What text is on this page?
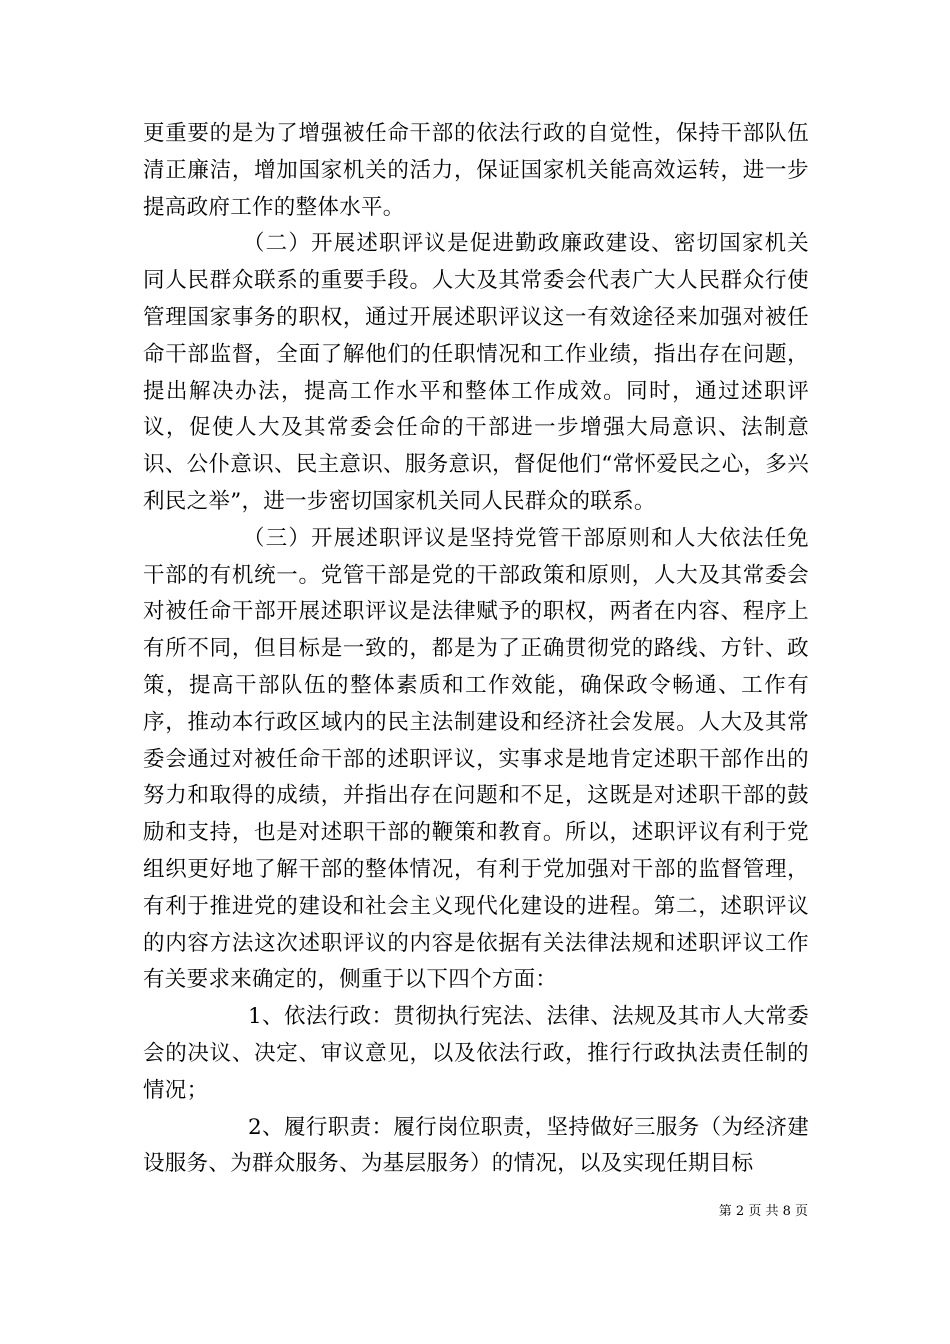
更重要的是为了增强被任命干部的依法行政的自觉性，保持干部队伍清正廉洁，增加国家机关的活力，保证国家机关能高效运转，进一步提高政府工作的整体水平。

（二）开展述职评议是促进勤政廉政建设、密切国家机关同人民群众联系的重要手段。人大及其常委会代表广大人民群众行使管理国家事务的职权，通过开展述职评议这一有效途径来加强对被任命干部监督，全面了解他们的任职情况和工作业绩，指出存在问题，提出解决办法，提高工作水平和整体工作成效。同时，通过述职评议，促使人大及其常委会任命的干部进一步增强大局意识、法制意识、公仆意识、民主意识、服务意识，督促他们“常怀爱民之心，多兴利民之举”，进一步密切国家机关同人民群众的联系。

（三）开展述职评议是坚持党管干部原则和人大依法任免干部的有机统一。党管干部是党的干部政策和原则，人大及其常委会对被任命干部开展述职评议是法律赋予的职权，两者在内容、程序上有所不同，但目标是一致的，都是为了正确贯彻党的路线、方针、政策，提高干部队伍的整体素质和工作效能，确保政令畅通、工作有序，推动本行政区域内的民主法制建设和经济社会发展。人大及其常委会通过对被任命干部的述职评议，实事求是地肯定述职干部作出的努力和取得的成绩，并指出存在问题和不足，这既是对述职干部的鼓励和支持，也是对述职干部的鞭策和教育。所以，述职评议有利于党组织更好地了解干部的整体情况，有利于党加强对干部的监督管理，有利于推进党的建设和社会主义现代化建设的进程。第二，述职评议的内容方法这次述职评议的内容是依据有关法律法规和述职评议工作有关要求来确定的，侧重于以下四个方面：

1、依法行政：贯彻执行宪法、法律、法规及其市人大常委会的决议、决定、审议意见，以及依法行政，推行行政执法责任制的情况；

2、履行职责：履行岗位职责，坚持做好三服务（为经济建设服务、为群众服务、为基层服务）的情况，以及实现任期目标

第 2 页 共 8 页
